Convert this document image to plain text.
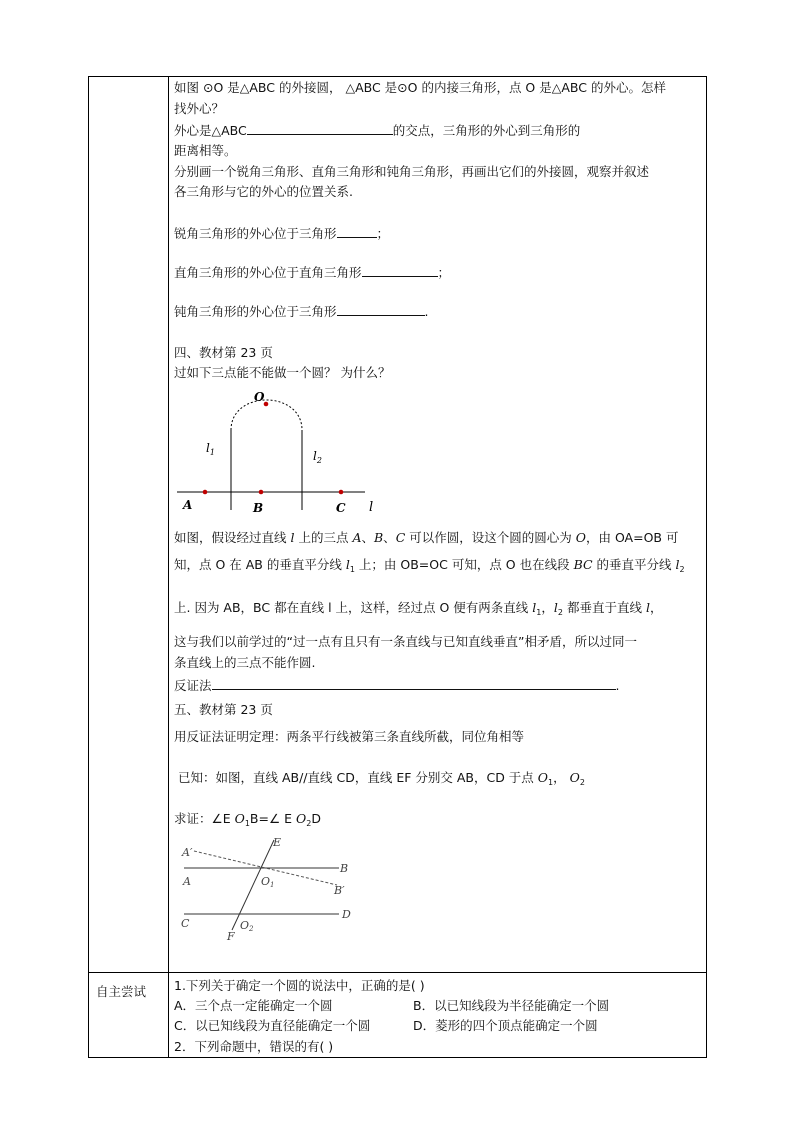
如图 ⊙O 是△ABC 的外接圆， △ABC 是⊙O 的内接三角形，点 O 是△ABC 的外心。怎样
找外心？
外心是△ABC	的交点，三角形的外心到三角形的
距离相等。
分别画一个锐角三角形、直角三角形和钝角三角形，再画出它们的外接圆，观察并叙述
各三角形与它的外心的位置关系.
锐角三角形的外心位于三角形	；
直角三角形的外心位于直角三角形	；
钝角三角形的外心位于三角形	.
四、教材第 23 页
过如下三点能不能做一个圆？ 为什么？
O
$l_1$	$l_2$
A	B	C l
如图，假设经过直线 l 上的三点 A、B、C 可以作圆，设这个圆的圆心为 O，由 OA=OB 可
知，点 O 在 AB 的垂直平分线 $l_1$ 上；由 OB=OC 可知，点 O 也在线段 BC 的垂直平分线 $l_2$
上. 因为 AB，BC 都在直线 l 上，这样，经过点 O 便有两条直线 $l_1$，$l_2$ 都垂直于直线 l，
这与我们以前学过的“过一点有且只有一条直线与已知直线垂直”相矛盾，所以过同一
条直线上的三点不能作圆.
反证法	.
五、教材第 23 页
用反证法证明定理：两条平行线被第三条直线所截，同位角相等
已知：如图，直线 AB//直线 CD，直线 EF 分别交 AB，CD 于点 $O_1$， $O_2$
求证：∠E $O_1B=\angle$ E $O_2D$
A′
E
B
A	O1	B′
C
D
O2
F
自主尝试 1.下列关于确定一个圆的说法中，正确的是( )
A．三个点一定能确定一个圆	B．以已知线段为半径能确定一个圆
C．以已知线段为直径能确定一个圆	D．菱形的四个顶点能确定一个圆
2．下列命题中，错误的有( )
